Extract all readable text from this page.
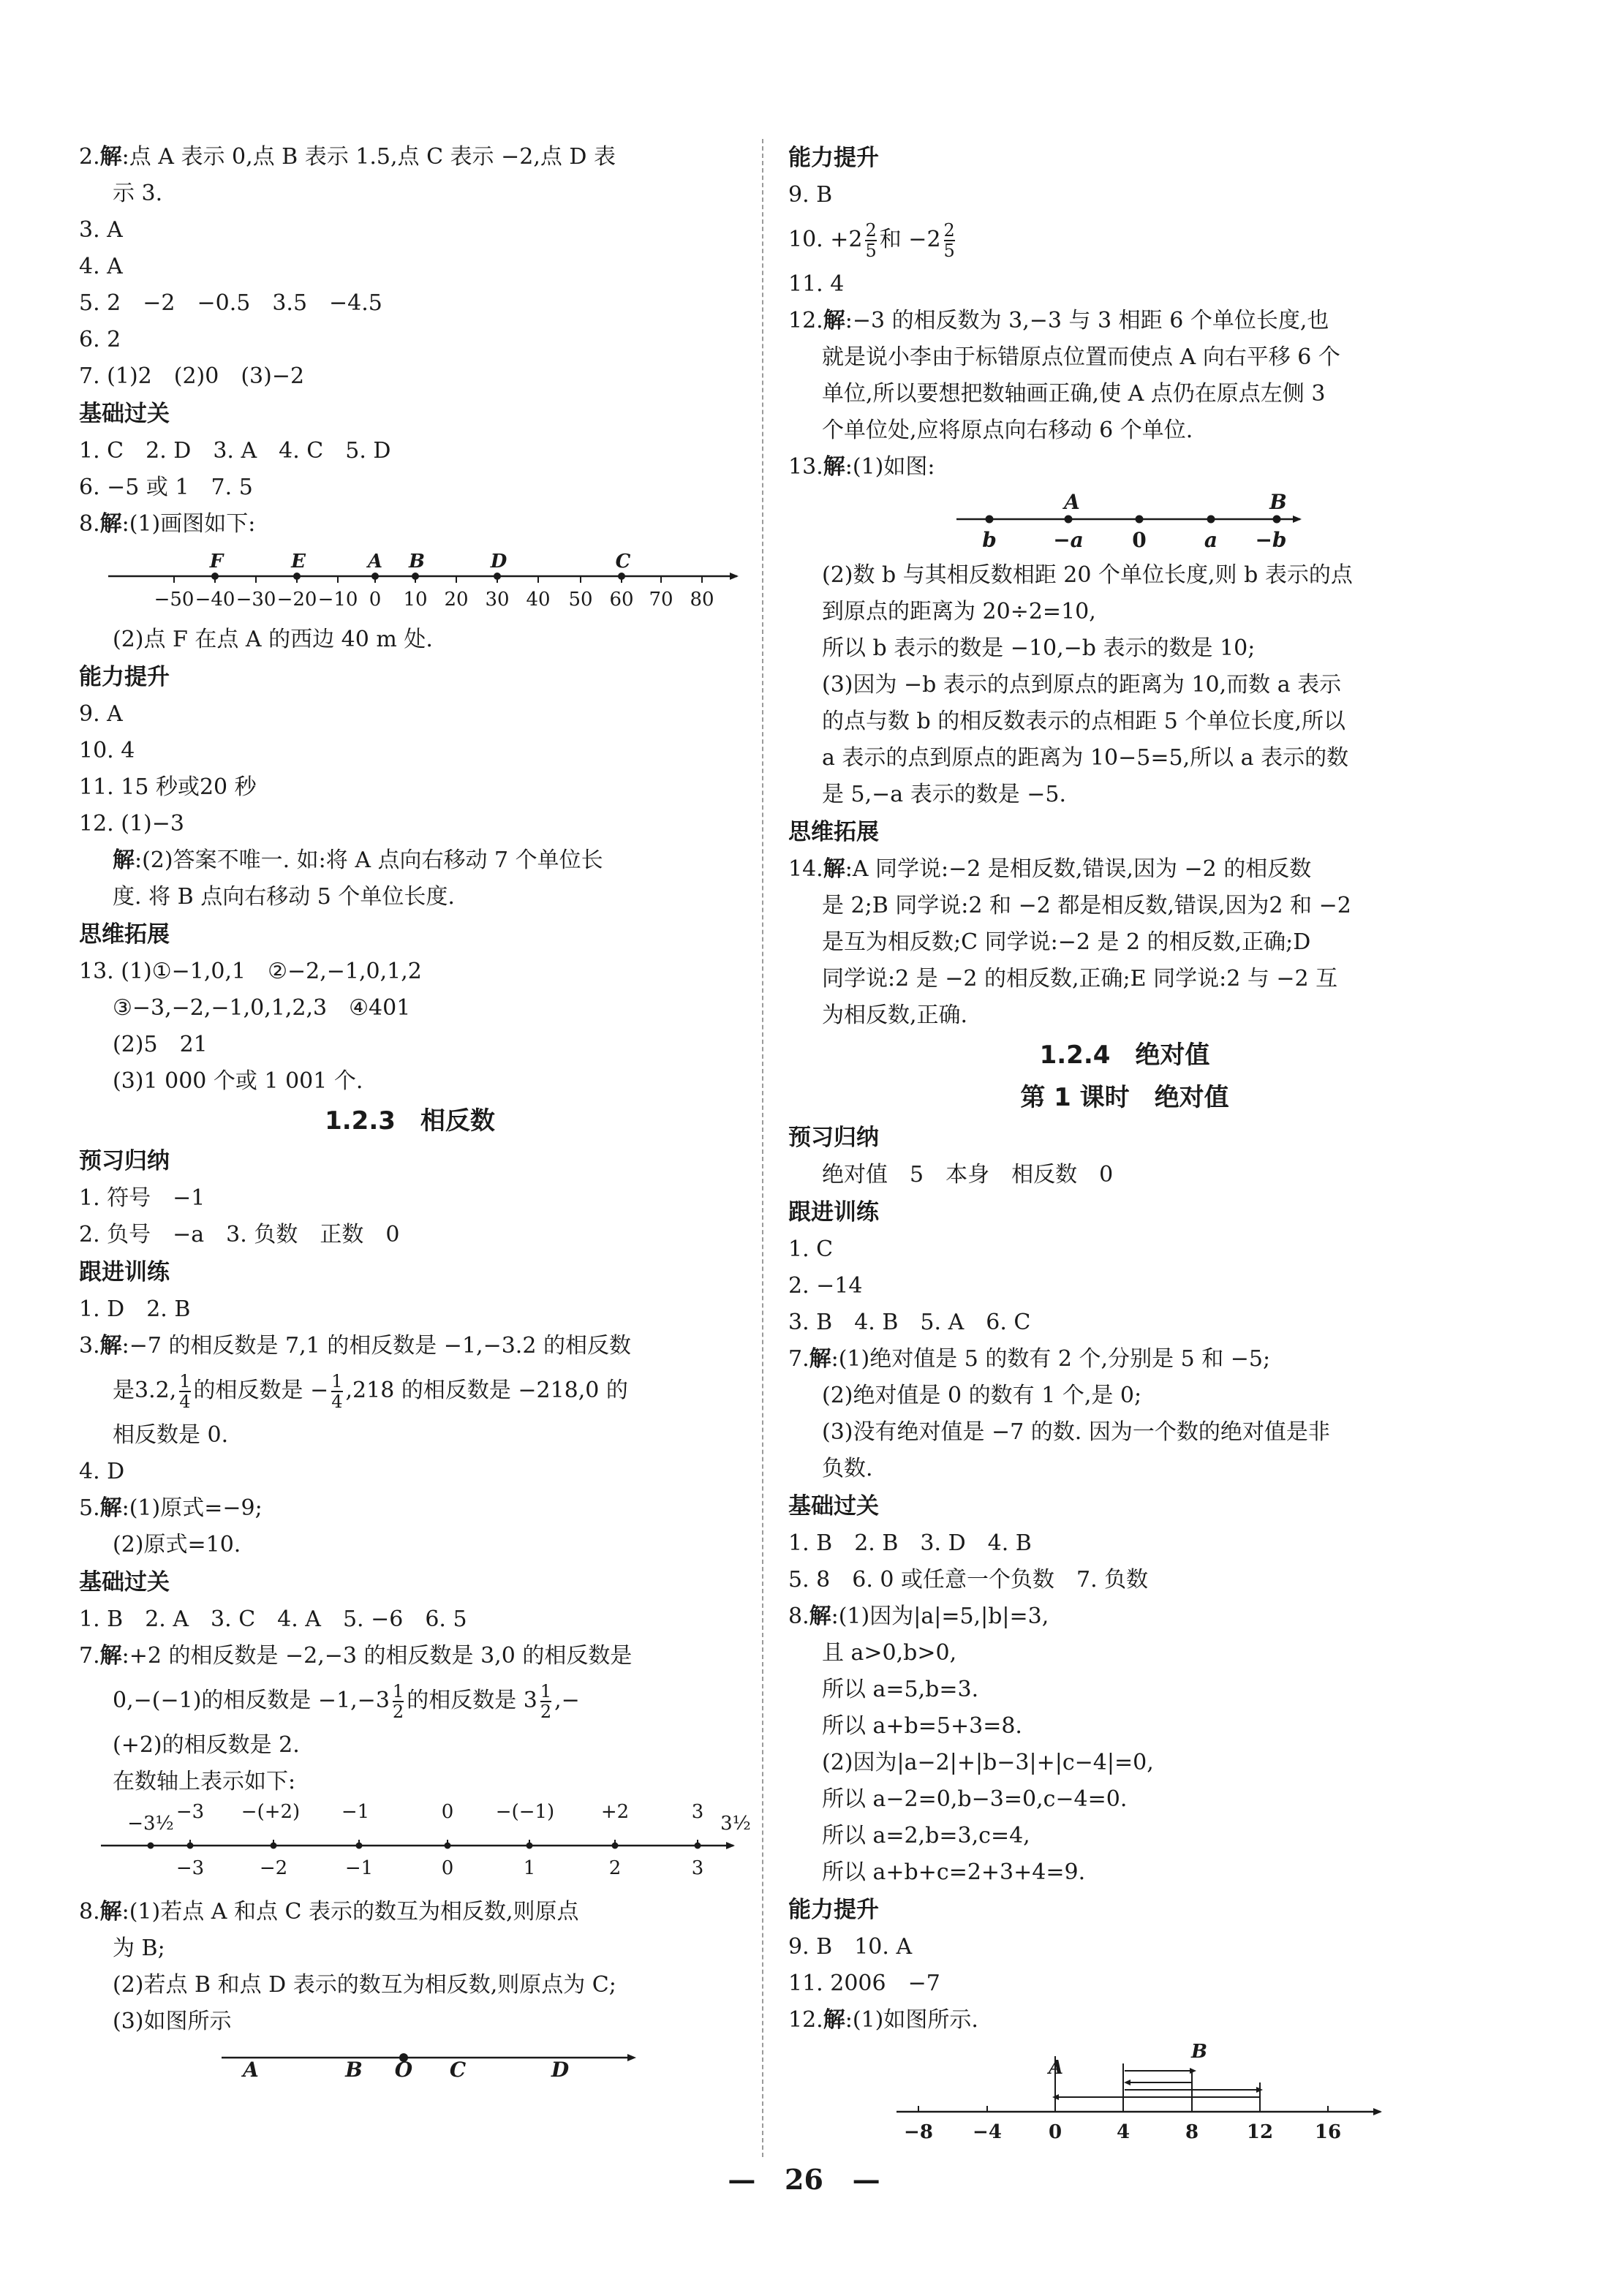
2.解:点 A 表示 0,点 B 表示 1.5,点 C 表示 −2,点 D 表
示 3.
3. A
4. A
5. 2　−2　−0.5　3.5　−4.5
6. 2
7. (1)2　(2)0　(3)−2
基础过关
1. C　2. D　3. A　4. C　5. D
6. −5 或 1　7. 5
8.解:(1)画图如下:
−50 −40 −30 −20 −10 0 10 20 30 40 50 60 70 80
F	E	A B	D	C
(2)点 F 在点 A 的西边 40 m 处.
能力提升
9. A
10. 4
11. 15 秒或20 秒
12. (1)−3
解:(2)答案不唯一. 如:将 A 点向右移动 7 个单位长
度. 将 B 点向右移动 5 个单位长度.
思维拓展
13. (1)①−1,0,1　②−2,−1,0,1,2
③−3,−2,−1,0,1,2,3　④401
(2)5　21
(3)1 000 个或 1 001 个.
1.2.3　相反数
预习归纳
1. 符号　−1
2. 负号　−a　3. 负数　正数　0
跟进训练
1. D　2. B
3.解:−7 的相反数是 7,1 的相反数是 −1,−3.2 的相反数
是3.2, $\frac{1}{4}$ 的相反数是 − $\frac{1}{4} ,218$ 的相反数是 −218,0 的
相反数是 0.
4. D
5.解:(1)原式=−9;
(2)原式=10.
基础过关
1. B　2. A　3. C　4. A　5. −6　6. 5
7.解:+2 的相反数是 −2,−3 的相反数是 3,0 的相反数是
0,−(−1)的相反数是 $-1,-3 \frac{1}{2}$ 的相反数是 $3 \frac{1}{2}$ ,−
(+2)的相反数是 2.
在数轴上表示如下:
−3	−2	−1	0	1	2	3
−3½
−3 −(+2) −1	0 −(−1) +2	3
3½
8.解:(1)若点 A 和点 C 表示的数互为相反数,则原点
为 B;
(2)若点 B 和点 D 表示的数互为相反数,则原点为 C;
(3)如图所示
A	B O C	D
能力提升
9. B
10. $+2 \frac{2}{5}$ 和 $-2 \frac{2}{5}$
11. 4
12.解:−3 的相反数为 3,−3 与 3 相距 6 个单位长度,也
就是说小李由于标错原点位置而使点 A 向右平移 6 个
单位,所以要想把数轴画正确,使 A 点仍在原点左侧 3
个单位处,应将原点向右移动 6 个单位.
13.解:(1)如图:
b	−a 0	a −b
A	B
(2)数 b 与其相反数相距 20 个单位长度,则 b 表示的点
到原点的距离为 20÷2=10,
所以 b 表示的数是 −10,−b 表示的数是 10;
(3)因为 −b 表示的点到原点的距离为 10,而数 a 表示
的点与数 b 的相反数表示的点相距 5 个单位长度,所以
a 表示的点到原点的距离为 10−5=5,所以 a 表示的数
是 5,−a 表示的数是 −5.
思维拓展
14.解:A 同学说:−2 是相反数,错误,因为 −2 的相反数
是 2;B 同学说:2 和 −2 都是相反数,错误,因为2 和 −2
是互为相反数;C 同学说:−2 是 2 的相反数,正确;D
同学说:2 是 −2 的相反数,正确;E 同学说:2 与 −2 互
为相反数,正确.
1.2.4　绝对值
第 1 课时　绝对值
预习归纳
绝对值　5　本身　相反数　0
跟进训练
1. C
2. −14
3. B　4. B　5. A　6. C
7.解:(1)绝对值是 5 的数有 2 个,分别是 5 和 −5;
(2)绝对值是 0 的数有 1 个,是 0;
(3)没有绝对值是 −7 的数. 因为一个数的绝对值是非
负数.
基础过关
1. B　2. B　3. D　4. B
5. 8　6. 0 或任意一个负数　7. 负数
8.解:(1)因为|a|=5,|b|=3,
且 a>0,b>0,
所以 a=5,b=3.
所以 a+b=5+3=8.
(2)因为|a−2|+|b−3|+|c−4|=0,
所以 a−2=0,b−3=0,c−4=0.
所以 a=2,b=3,c=4,
所以 a+b+c=2+3+4=9.
能力提升
9. B　10. A
11. 2006　−7
12.解:(1)如图所示.
−8 −4 0	4	8	12 16
A
B
— 26 —
